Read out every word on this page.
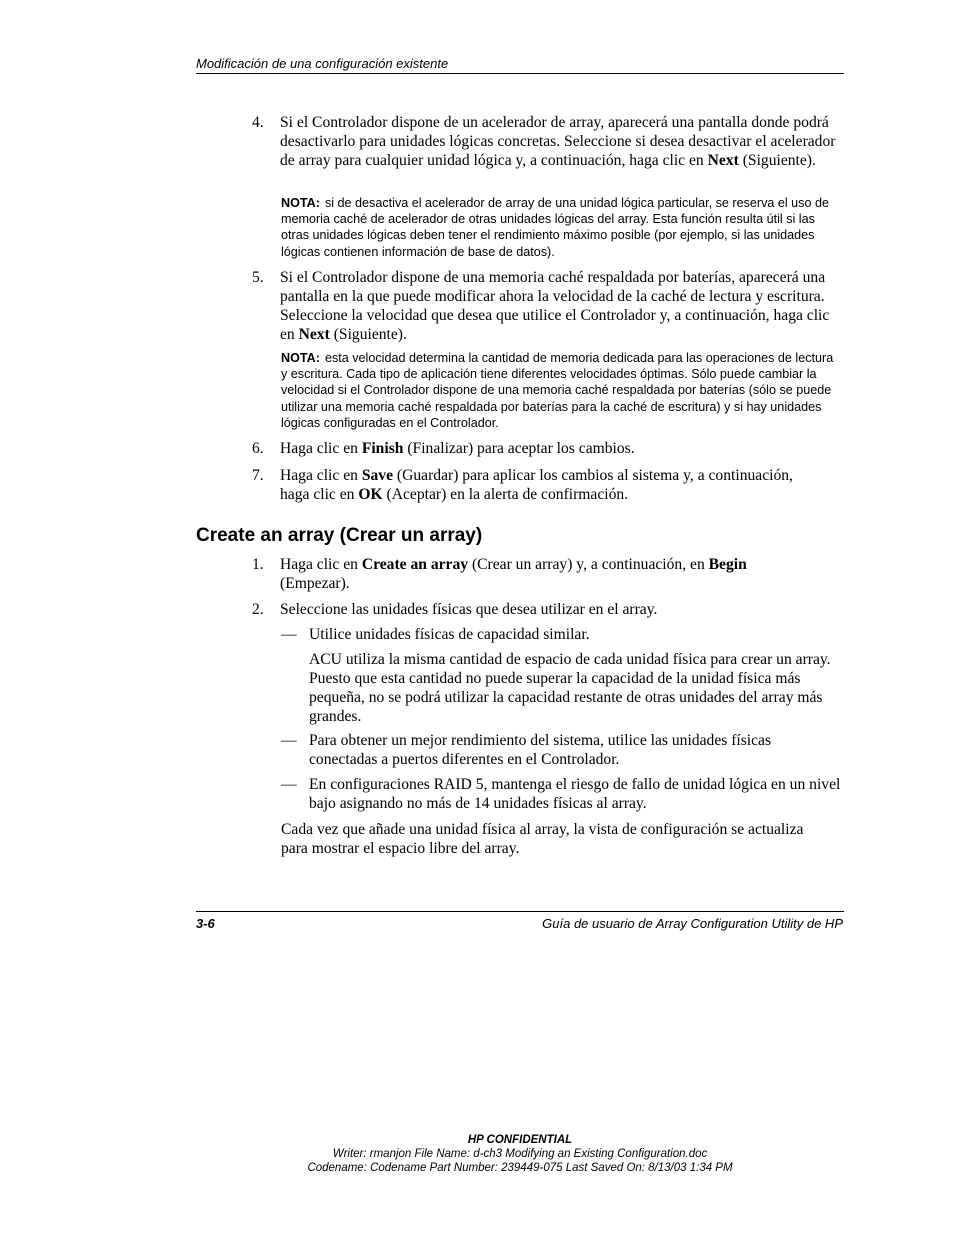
Modificación de una configuración existente
4. Si el Controlador dispone de un acelerador de array, aparecerá una pantalla donde podrá desactivarlo para unidades lógicas concretas. Seleccione si desea desactivar el acelerador de array para cualquier unidad lógica y, a continuación, haga clic en Next (Siguiente).
NOTA: si de desactiva el acelerador de array de una unidad lógica particular, se reserva el uso de memoria caché de acelerador de otras unidades lógicas del array. Esta función resulta útil si las otras unidades lógicas deben tener el rendimiento máximo posible (por ejemplo, si las unidades lógicas contienen información de base de datos).
5. Si el Controlador dispone de una memoria caché respaldada por baterías, aparecerá una pantalla en la que puede modificar ahora la velocidad de la caché de lectura y escritura. Seleccione la velocidad que desea que utilice el Controlador y, a continuación, haga clic en Next (Siguiente).
NOTA: esta velocidad determina la cantidad de memoria dedicada para las operaciones de lectura y escritura. Cada tipo de aplicación tiene diferentes velocidades óptimas. Sólo puede cambiar la velocidad si el Controlador dispone de una memoria caché respaldada por baterías (sólo se puede utilizar una memoria caché respaldada por baterías para la caché de escritura) y si hay unidades lógicas configuradas en el Controlador.
6. Haga clic en Finish (Finalizar) para aceptar los cambios.
7. Haga clic en Save (Guardar) para aplicar los cambios al sistema y, a continuación, haga clic en OK (Aceptar) en la alerta de confirmación.
Create an array (Crear un array)
1. Haga clic en Create an array (Crear un array) y, a continuación, en Begin (Empezar).
2. Seleccione las unidades físicas que desea utilizar en el array.
— Utilice unidades físicas de capacidad similar.
ACU utiliza la misma cantidad de espacio de cada unidad física para crear un array. Puesto que esta cantidad no puede superar la capacidad de la unidad física más pequeña, no se podrá utilizar la capacidad restante de otras unidades del array más grandes.
— Para obtener un mejor rendimiento del sistema, utilice las unidades físicas conectadas a puertos diferentes en el Controlador.
— En configuraciones RAID 5, mantenga el riesgo de fallo de unidad lógica en un nivel bajo asignando no más de 14 unidades físicas al array.
Cada vez que añade una unidad física al array, la vista de configuración se actualiza para mostrar el espacio libre del array.
3-6	Guía de usuario de Array Configuration Utility de HP
HP CONFIDENTIAL
Writer: rmanjon File Name: d-ch3 Modifying an Existing Configuration.doc
Codename: Codename Part Number: 239449-075 Last Saved On: 8/13/03 1:34 PM
